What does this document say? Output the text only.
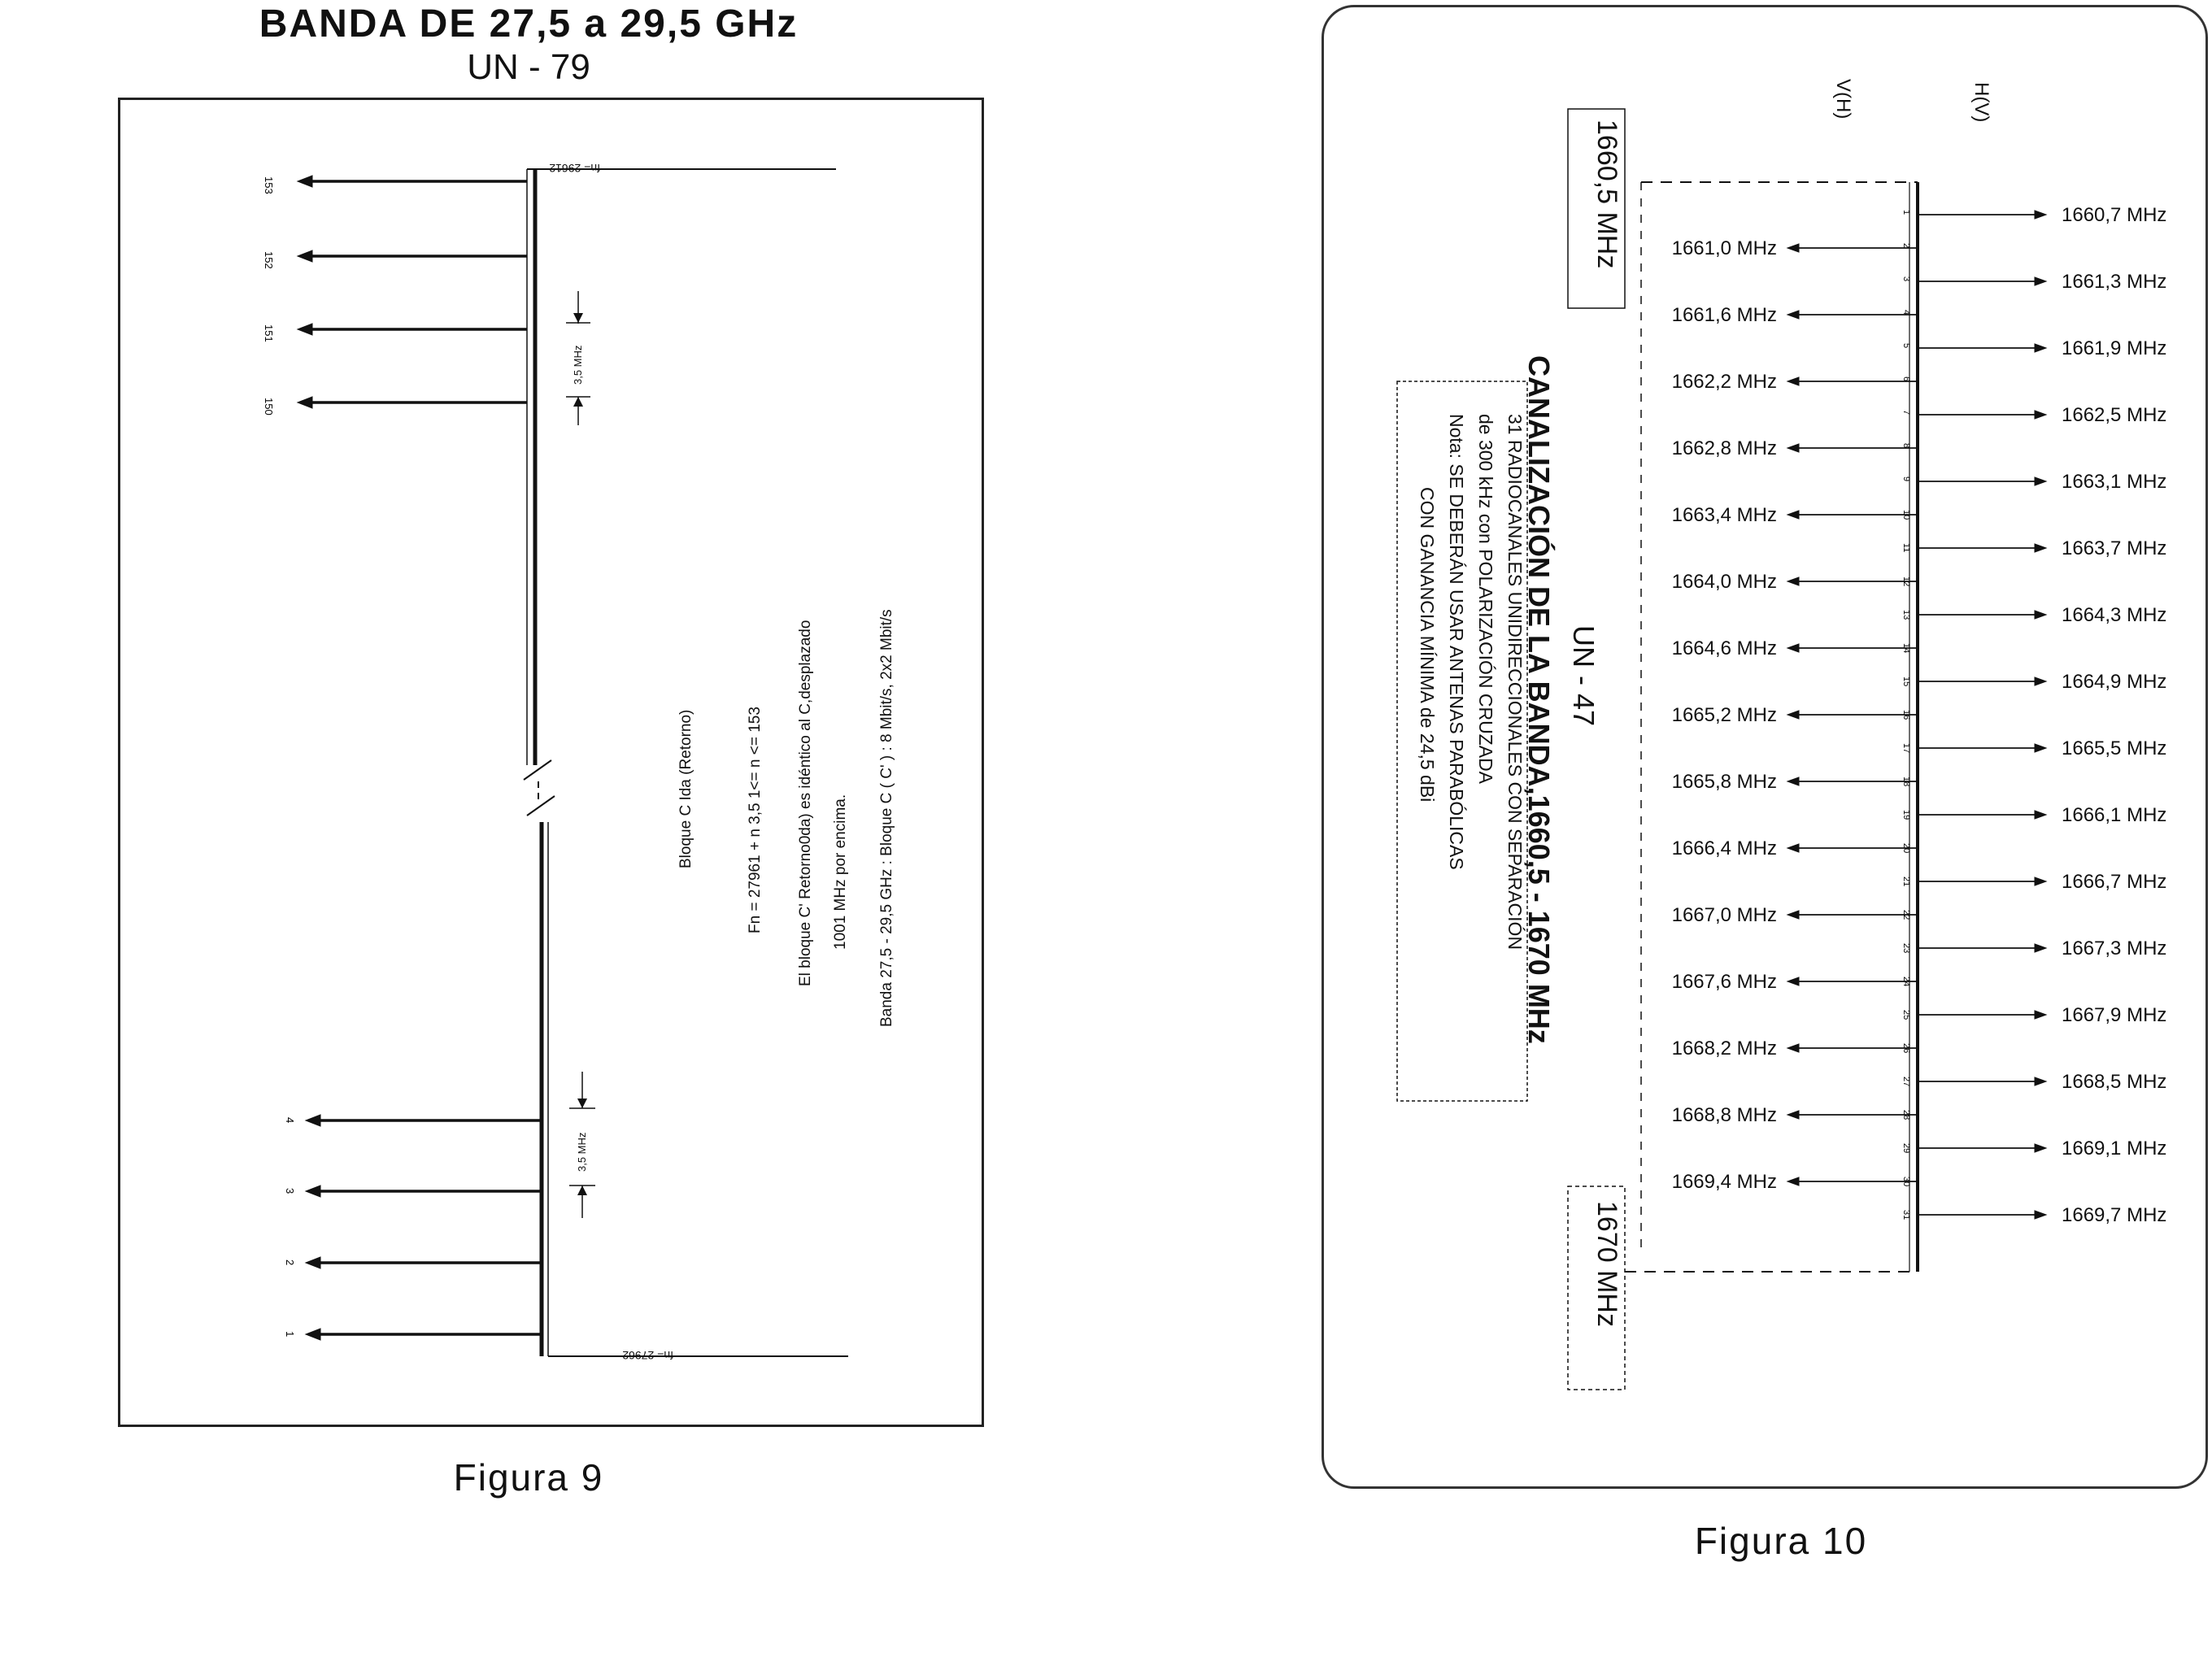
BANDA DE 27,5 a 29,5 GHz
UN - 79
153
152
151
150
4
3
2
1
fn= 29612
fn= 27962
3,5 MHz
3,5 MHz
Bloque C Ida (Retorno)	Fn = 27961 + n 3,5 1<= n <= 153 El bloque C' Retorno0da) es idéntico al C,desplazado 1001 MHz por encima. Banda 27,5 - 29,5 GHz : Bloque C ( C' ) : 8 Mbit/s, 2x2 Mbit/s
Figura 9
1660,7 MHz
1661,0 MHz
1661,3 MHz
1661,6 MHz
1661,9 MHz
1662,2 MHz
1662,5 MHz
1662,8 MHz
1663,1 MHz
1663,4 MHz
1663,7 MHz
1664,0 MHz
1664,3 MHz
1664,6 MHz
1664,9 MHz
1665,2 MHz
1665,5 MHz
1665,8 MHz
1666,1 MHz
1666,4 MHz
1666,7 MHz
1667,0 MHz
1667,3 MHz
1667,6 MHz
1667,9 MHz
1668,2 MHz
1668,5 MHz
1668,8 MHz
1669,1 MHz
1669,4 MHz
1669,7 MHz
1
2
3
4
5
6
7
8
9
10
11
12
13
14
15
16
17
18
19
20
21
22
23
24
25
26
27
28
29
30
31
1660,5 MHz
1670 MHz
V(H)	H(V)
UN - 47
CANALIZACIÓN DE LA BANDA,1660,5 - 1670 MHz
31 RADIOCANALES UNIDIRECCIONALES CON SEPARACIÓN
de 300 kHz con POLARIZACIÓN CRUZADA
Nota: SE DEBERÁN USAR ANTENAS PARABÓLICAS
CON GANANCIA MÍNIMA de 24,5 dBi
Figura 10
